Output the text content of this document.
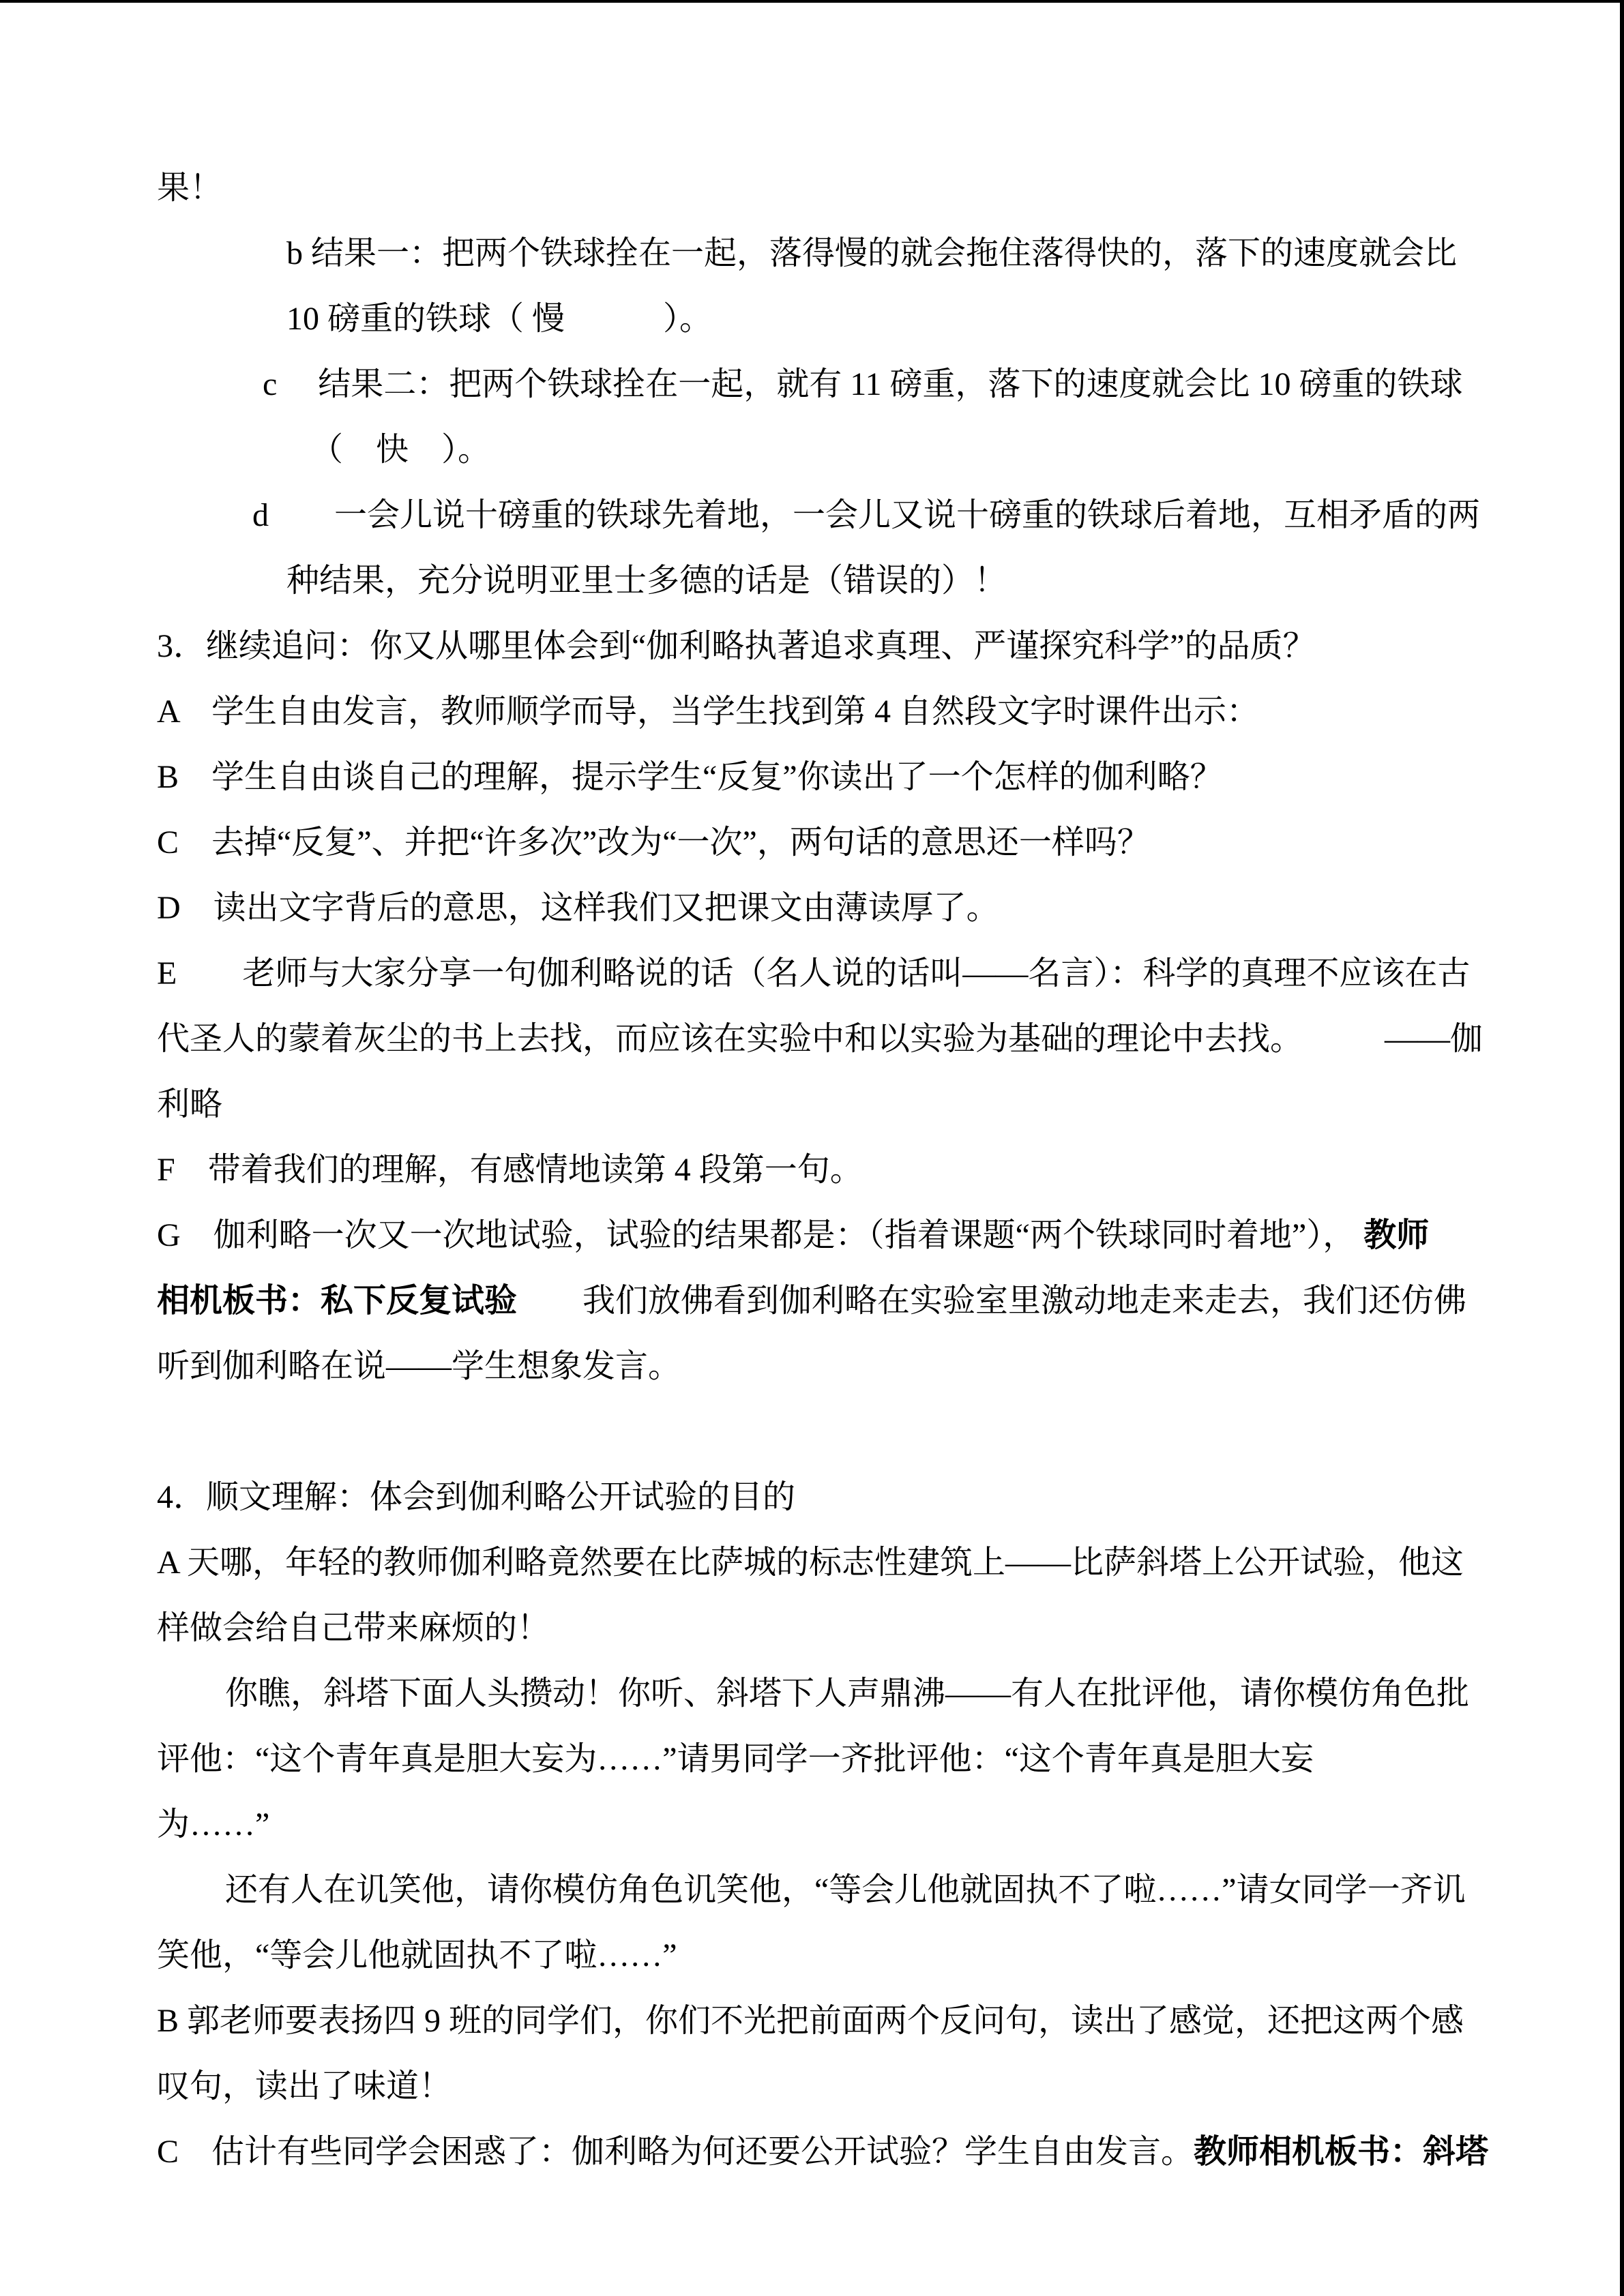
果！
b 结果一：把两个铁球拴在一起，落得慢的就会拖住落得快的，落下的速度就会比
10 磅重的铁球（ 慢　　　）。
c　 结果二：把两个铁球拴在一起，就有 11 磅重，落下的速度就会比 10 磅重的铁球
（　快　）。
d　　一会儿说十磅重的铁球先着地，一会儿又说十磅重的铁球后着地，互相矛盾的两
种结果，充分说明亚里士多德的话是（错误的）！
3．继续追问：你又从哪里体会到“伽利略执著追求真理、严谨探究科学”的品质？
A　学生自由发言，教师顺学而导，当学生找到第 4 自然段文字时课件出示：
B　学生自由谈自己的理解，提示学生“反复”你读出了一个怎样的伽利略？
C　去掉“反复”、并把“许多次”改为“一次”，两句话的意思还一样吗？
D　读出文字背后的意思，这样我们又把课文由薄读厚了。
E　　老师与大家分享一句伽利略说的话（名人说的话叫——名言）：科学的真理不应该在古
代圣人的蒙着灰尘的书上去找，而应该在实验中和以实验为基础的理论中去找。　　　——伽
利略
F　带着我们的理解，有感情地读第 4 段第一句。
G　伽利略一次又一次地试验，试验的结果都是：（指着课题“两个铁球同时着地”）， 教师
相机板书：私下反复试验　　我们放佛看到伽利略在实验室里激动地走来走去，我们还仿佛
听到伽利略在说——学生想象发言。
4．顺文理解：体会到伽利略公开试验的目的
A 天哪，年轻的教师伽利略竟然要在比萨城的标志性建筑上——比萨斜塔上公开试验，他这
样做会给自己带来麻烦的！
你瞧，斜塔下面人头攒动！你听、斜塔下人声鼎沸——有人在批评他，请你模仿角色批
评他：“这个青年真是胆大妄为……”请男同学一齐批评他：“这个青年真是胆大妄
为……”
还有人在讥笑他，请你模仿角色讥笑他，“等会儿他就固执不了啦……”请女同学一齐讥
笑他，“等会儿他就固执不了啦……”
B 郭老师要表扬四 9 班的同学们，你们不光把前面两个反问句，读出了感觉，还把这两个感
叹句，读出了味道！
C　估计有些同学会困惑了：伽利略为何还要公开试验？学生自由发言。教师相机板书：斜塔
